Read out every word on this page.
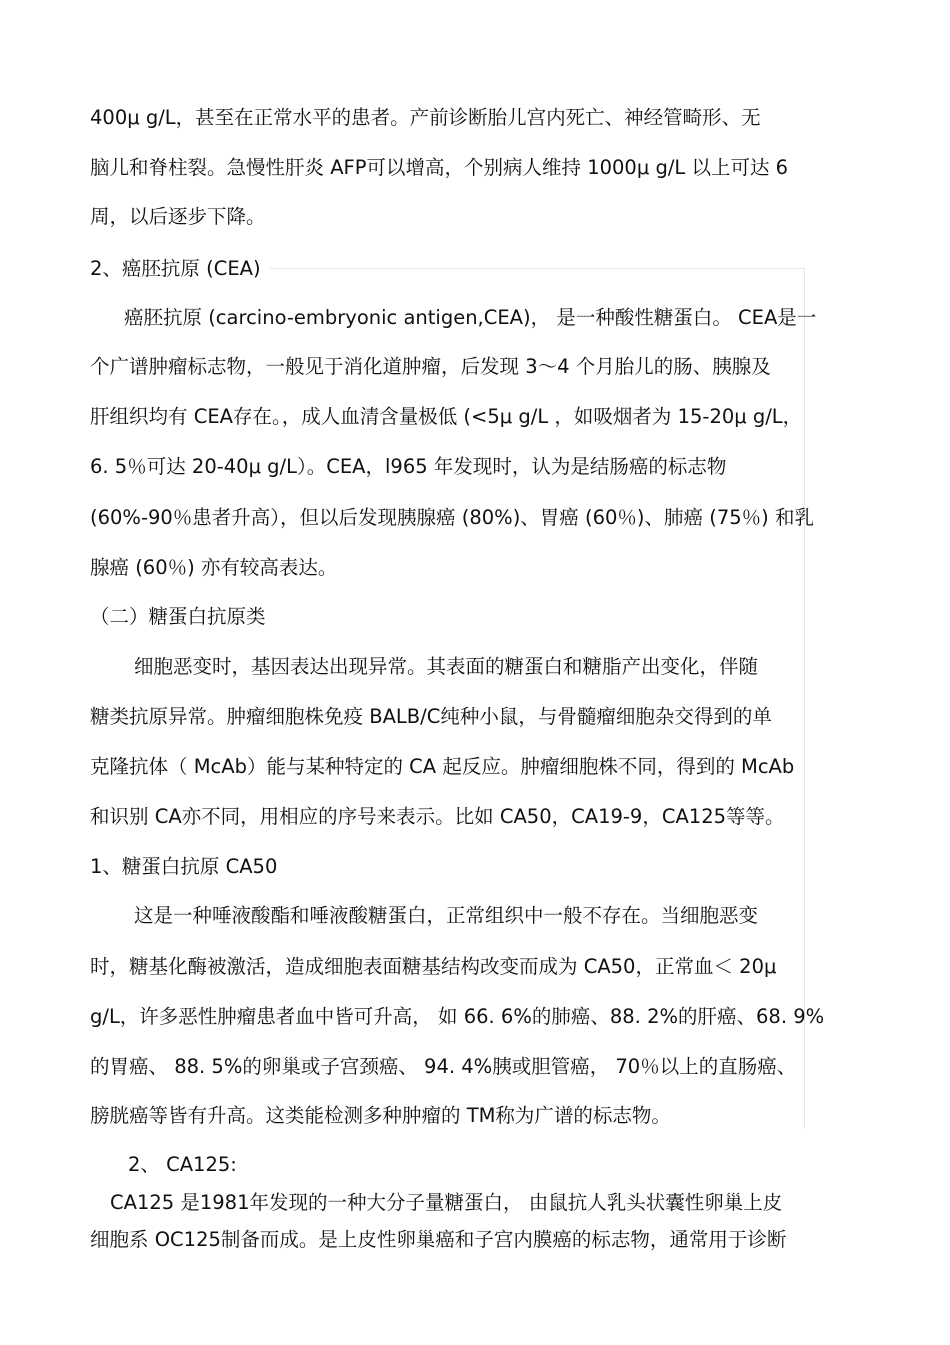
400μ g/L，甚至在正常水平的患者。产前诊断胎儿宫内死亡、神经管畸形、无
脑儿和脊柱裂。急慢性肝炎 AFP可以增高，个别病人维持 1000μ g/L 以上可达 6
周，以后逐步下降。
2、癌胚抗原 (CEA)
癌胚抗原 (carcino-embryonic antigen,CEA)， 是一种酸性糖蛋白。 CEA是一
个广谱肿瘤标志物，一般见于消化道肿瘤，后发现 3～4 个月胎儿的肠、胰腺及
肝组织均有 CEA存在。，成人血清含量极低 (<5μ g/L ，如吸烟者为 15-20μ g/L，
6. 5％可达 20-40μ g/L）。CEA，l965 年发现时，认为是结肠癌的标志物
(60%-90％患者升高），但以后发现胰腺癌 (80%)、胃癌 (60％)、肺癌 (75％) 和乳
腺癌 (60％) 亦有较高表达。
（二）糖蛋白抗原类
细胞恶变时，基因表达出现异常。其表面的糖蛋白和糖脂产出变化，伴随
糖类抗原异常。肿瘤细胞株免疫 BALB/C纯种小鼠，与骨髓瘤细胞杂交得到的单
克隆抗体（ McAb）能与某种特定的 CA 起反应。肿瘤细胞株不同，得到的 McAb
和识别 CA亦不同，用相应的序号来表示。比如 CA50，CA19-9，CA125等等。
1、糖蛋白抗原 CA50
这是一种唾液酸酯和唾液酸糖蛋白，正常组织中一般不存在。当细胞恶变
时，糖基化酶被激活，造成细胞表面糖基结构改变而成为 CA50，正常血＜ 20μ
g/L，许多恶性肿瘤患者血中皆可升高， 如 66. 6%的肺癌、88. 2%的肝癌、68. 9%
的胃癌、 88. 5%的卵巢或子宫颈癌、 94. 4%胰或胆管癌， 70％以上的直肠癌、
膀胱癌等皆有升高。这类能检测多种肿瘤的 TM称为广谱的标志物。
2、 CA125:
CA125 是1981年发现的一种大分子量糖蛋白， 由鼠抗人乳头状囊性卵巢上皮
细胞系 OC125制备而成。是上皮性卵巢癌和子宫内膜癌的标志物，通常用于诊断
